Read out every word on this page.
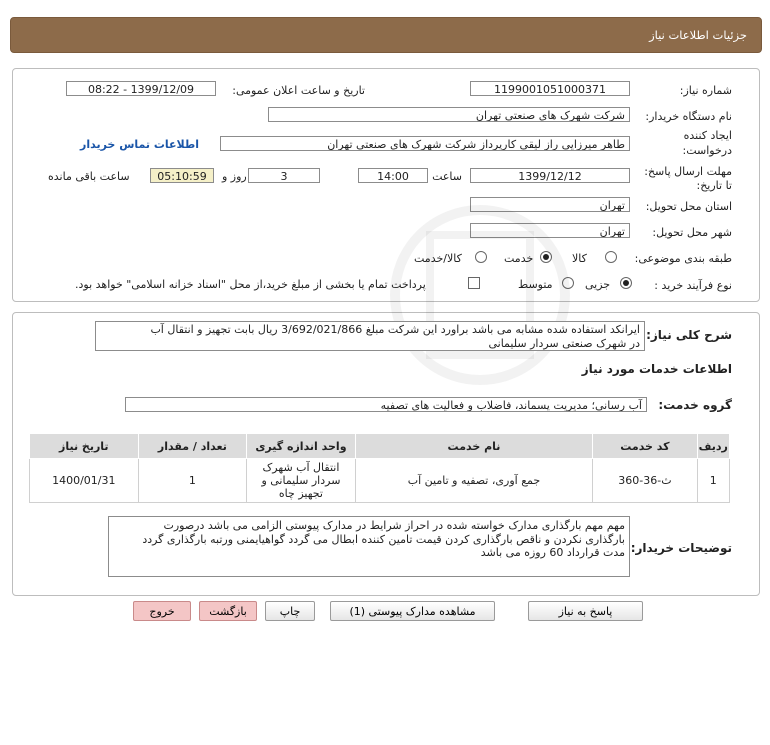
جزئیات اطلاعات نیاز
شماره نیاز:
1199001051000371
تاریخ و ساعت اعلان عمومی:
1399/12/09 - 08:22
نام دستگاه خریدار:
شرکت شهرک های صنعتی تهران
ایجاد کننده
درخواست:
طاهر میرزایی راز لیقی کارپرداز شرکت شهرک های صنعتی تهران
اطلاعات تماس خریدار
مهلت ارسال پاسخ:
تا تاریخ:
1399/12/12
ساعت
14:00
3
روز و
05:10:59
ساعت باقی مانده
استان محل تحویل:
تهران
شهر محل تحویل:
تهران
طبقه بندی موضوعی:
کالا
خدمت
کالا/خدمت
نوع فرآیند خرید :
جزیی
متوسط
پرداخت تمام یا بخشی از مبلغ خرید،از محل "اسناد خزانه اسلامی" خواهد بود.
شرح کلی نیاز:
ایرانکد استفاده شده مشابه می باشد براورد این شرکت مبلغ 3/692/021/866 ریال بابت تجهیز و انتقال آب
در شهرک صنعتی سردار سلیمانی
اطلاعات خدمات مورد نیاز
گروه خدمت:
آب رسانی؛ مدیریت پسماند، فاضلاب و فعالیت های تصفیه
ردیف	کد خدمت	نام خدمت	واحد اندازه گیری	تعداد / مقدار	تاریخ نیاز
1	ث-36-360	جمع آوری، تصفیه و تامین آب	انتقال آب شهرک سردار سلیمانی و تجهیز چاه	1	1400/01/31
توضیحات خریدار:
مهم مهم بارگذاری مدارک خواسته شده در احراز شرایط در مدارک پیوستی الزامی می باشد درصورت
بارگذاری نکردن و ناقص بارگذاری کردن قیمت تامین کننده ابطال می گردد گواهیایمنی ورتبه بارگذاری گردد
مدت قرارداد 60 روزه می باشد
پاسخ به نیاز
مشاهده مدارک پیوستی (1)
چاپ
بازگشت
خروج
